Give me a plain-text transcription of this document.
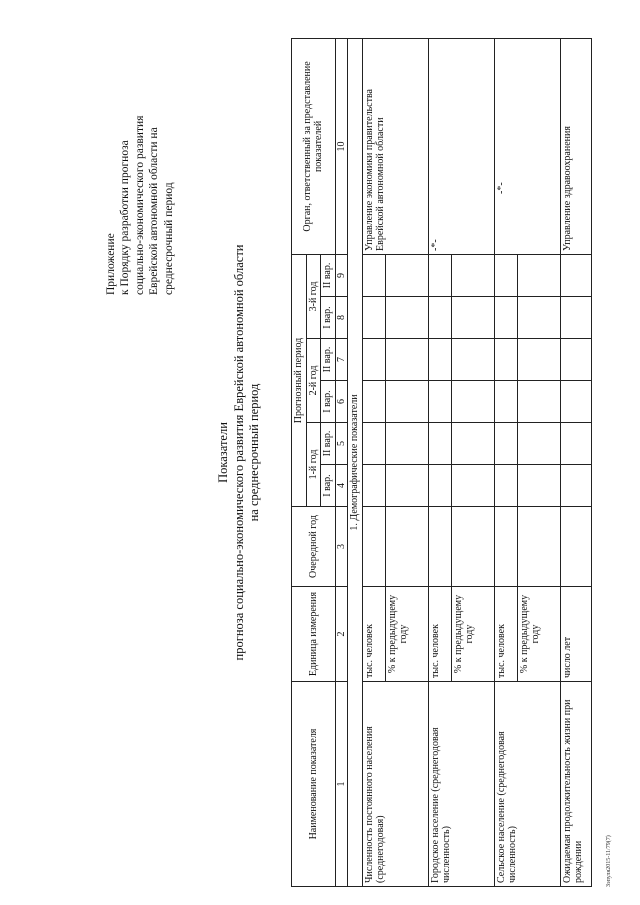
Приложение к Порядку разработки прогноза социально-экономического развития Еврейской автономной области на среднесрочный период
Показатели прогноза социально-экономического развития Еврейской автономной области на среднесрочный период
Наименование показателя	Единица измерения	Очередной год	Прогнозный период						Орган, ответственный за представление показателей
			1-й год		2-й год		3-й год		
			I вар.	II вар.	I вар.	II вар.	I вар.	II вар.	
1	2	3	4	5	6	7	8	9	10
1. Демографические показатели									
Численность постоянного населения (среднегодовая)	тыс. человек								Управление экономики правительства Еврейской автономной области
	% к предыдущему году								
Городское население (среднегодовая численность)	тыс. человек								-*-
	% к предыдущему году								
Сельское население (среднегодовая численность)	тыс. человек								-*-
	% к предыдущему году								
Ожидаемая продолжительность жизни при рождении	число лет								Управление здравоохранения
Зэпуля2015-11/79(7)
